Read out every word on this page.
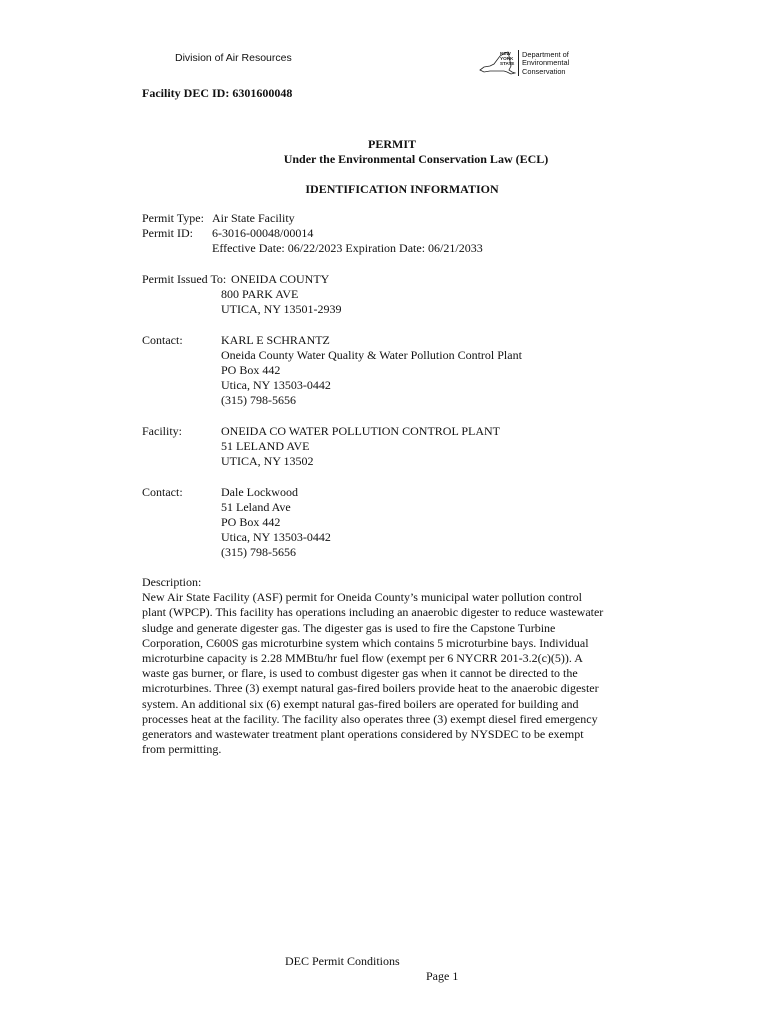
Division of Air Resources	NEW
YORK
STATE
Department of
Environmental
Conservation
Facility DEC ID: 6301600048
PERMIT
Under the Environmental Conservation Law (ECL)
IDENTIFICATION INFORMATION
Permit Type: Air State Facility
Permit ID: 6-3016-00048/00014
Effective Date: 06/22/2023 Expiration Date: 06/21/2033
Permit Issued To: ONEIDA COUNTY
800 PARK AVE
UTICA, NY 13501-2939
Contact:	KARL E SCHRANTZ
Oneida County Water Quality & Water Pollution Control Plant
PO Box 442
Utica, NY 13503-0442
(315) 798-5656
Facility:	ONEIDA CO WATER POLLUTION CONTROL PLANT
51 LELAND AVE
UTICA, NY 13502
Contact:	Dale Lockwood
51 Leland Ave
PO Box 442
Utica, NY 13503-0442
(315) 798-5656
Description:
New Air State Facility (ASF) permit for Oneida County’s municipal water pollution control
plant (WPCP). This facility has operations including an anaerobic digester to reduce wastewater
sludge and generate digester gas. The digester gas is used to fire the Capstone Turbine
Corporation, C600S gas microturbine system which contains 5 microturbine bays. Individual
microturbine capacity is 2.28 MMBtu/hr fuel flow (exempt per 6 NYCRR 201-3.2(c)(5)). A
waste gas burner, or flare, is used to combust digester gas when it cannot be directed to the
microturbines. Three (3) exempt natural gas-fired boilers provide heat to the anaerobic digester
system. An additional six (6) exempt natural gas-fired boilers are operated for building and
processes heat at the facility. The facility also operates three (3) exempt diesel fired emergency
generators and wastewater treatment plant operations considered by NYSDEC to be exempt
from permitting.
DEC Permit Conditions
Page 1
